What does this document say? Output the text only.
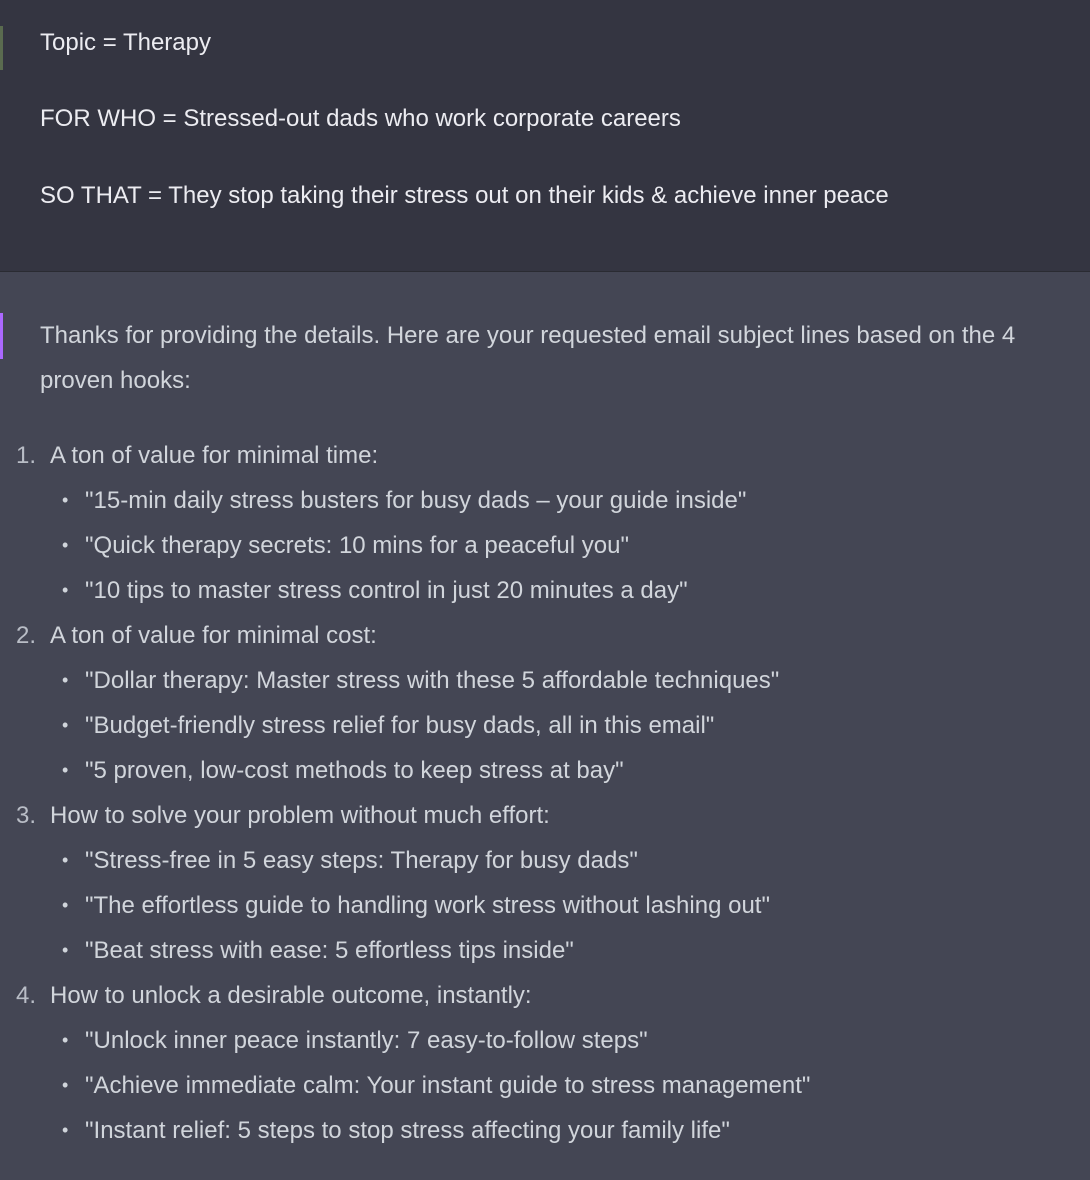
Topic = Therapy
FOR WHO = Stressed-out dads who work corporate careers
SO THAT = They stop taking their stress out on their kids & achieve inner peace
Thanks for providing the details. Here are your requested email subject lines based on the 4 proven hooks:
1. A ton of value for minimal time:
• "15-min daily stress busters for busy dads – your guide inside"
• "Quick therapy secrets: 10 mins for a peaceful you"
• "10 tips to master stress control in just 20 minutes a day"
2. A ton of value for minimal cost:
• "Dollar therapy: Master stress with these 5 affordable techniques"
• "Budget-friendly stress relief for busy dads, all in this email"
• "5 proven, low-cost methods to keep stress at bay"
3. How to solve your problem without much effort:
• "Stress-free in 5 easy steps: Therapy for busy dads"
• "The effortless guide to handling work stress without lashing out"
• "Beat stress with ease: 5 effortless tips inside"
4. How to unlock a desirable outcome, instantly:
• "Unlock inner peace instantly: 7 easy-to-follow steps"
• "Achieve immediate calm: Your instant guide to stress management"
• "Instant relief: 5 steps to stop stress affecting your family life"
